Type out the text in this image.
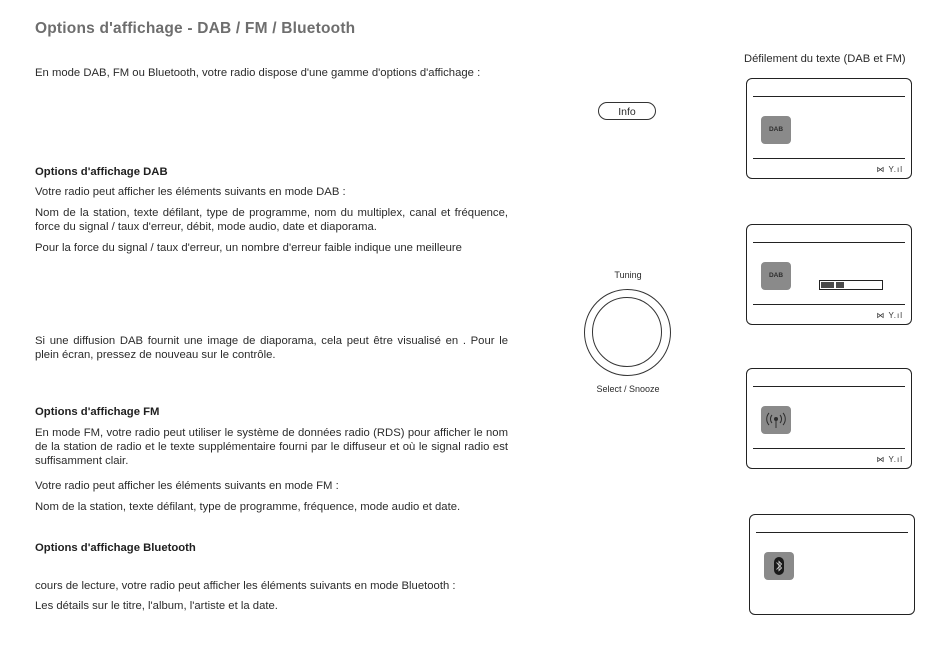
Options d'affichage - DAB / FM / Bluetooth

En mode DAB, FM ou Bluetooth, votre radio dispose d'une gamme d'options d'affichage :

Options d'affichage DAB

Votre radio peut afficher les éléments suivants en mode DAB :

Nom de la station, texte défilant, type de programme, nom du multiplex, canal et fréquence, force du signal / taux d'erreur, débit, mode audio, date et diaporama.

Pour la force du signal / taux d'erreur, un nombre d'erreur faible indique une meilleure

Si une diffusion DAB fournit une image de diaporama, cela peut être visualisé en . Pour le plein écran, pressez de nouveau sur le contrôle.

Options d'affichage FM

En mode FM, votre radio peut utiliser le système de données radio (RDS) pour afficher le nom de la station de radio et le texte supplémentaire fourni par le diffuseur et où le signal radio est suffisamment clair.

Votre radio peut afficher les éléments suivants en mode FM :

Nom de la station, texte défilant, type de programme, fréquence, mode audio et date.

Options d'affichage Bluetooth

cours de lecture, votre radio peut afficher les éléments suivants en mode Bluetooth :

Les détails sur le titre, l'album, l'artiste et la date.

Info
Tuning
Select / Snooze
Défilement du texte (DAB et FM)
DAB
⋈ Y.ıl
DAB
⋈ Y.ıl
⋈ Y.ıl
